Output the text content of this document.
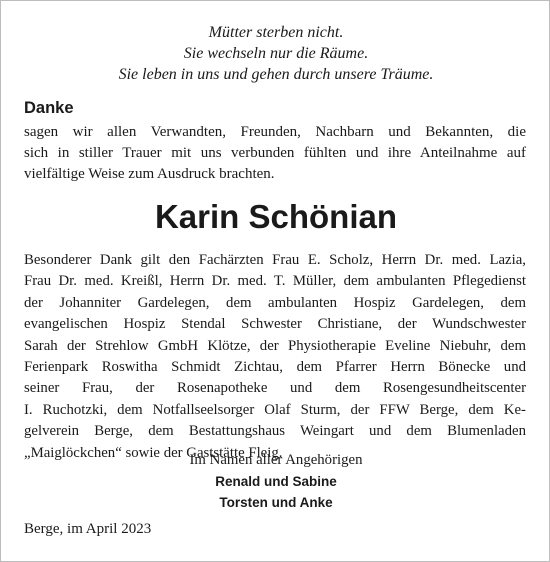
Mütter sterben nicht.
Sie wechseln nur die Räume.
Sie leben in uns und gehen durch unsere Träume.
Danke
sagen wir allen Verwandten, Freunden, Nachbarn und Bekannten, die
sich in stiller Trauer mit uns verbunden fühlten und ihre Anteilnahme auf
vielfältige Weise zum Ausdruck brachten.
Karin Schönian
Besonderer Dank gilt den Fachärzten Frau E. Scholz, Herrn Dr. med. Lazia,
Frau Dr. med. Kreißl, Herrn Dr. med. T. Müller, dem ambulanten Pflegedienst
der Johanniter Gardelegen, dem ambulanten Hospiz Gardelegen, dem
evangelischen Hospiz Stendal Schwester Christiane, der Wundschwester
Sarah der Strehlow GmbH Klötze, der Physiotherapie Eveline Niebuhr, dem
Ferienpark Roswitha Schmidt Zichtau, dem Pfarrer Herrn Bönecke und
seiner Frau, der Rosenapotheke und dem Rosengesundheitscenter
I. Ruchotzki, dem Notfallseelsorger Olaf Sturm, der FFW Berge, dem Ke-
gelverein Berge, dem Bestattungshaus Weingart und dem Blumenladen
„Maiglöckchen“ sowie der Gaststätte Fleig.
Im Namen aller Angehörigen
Renald und Sabine
Torsten und Anke
Berge, im April 2023
